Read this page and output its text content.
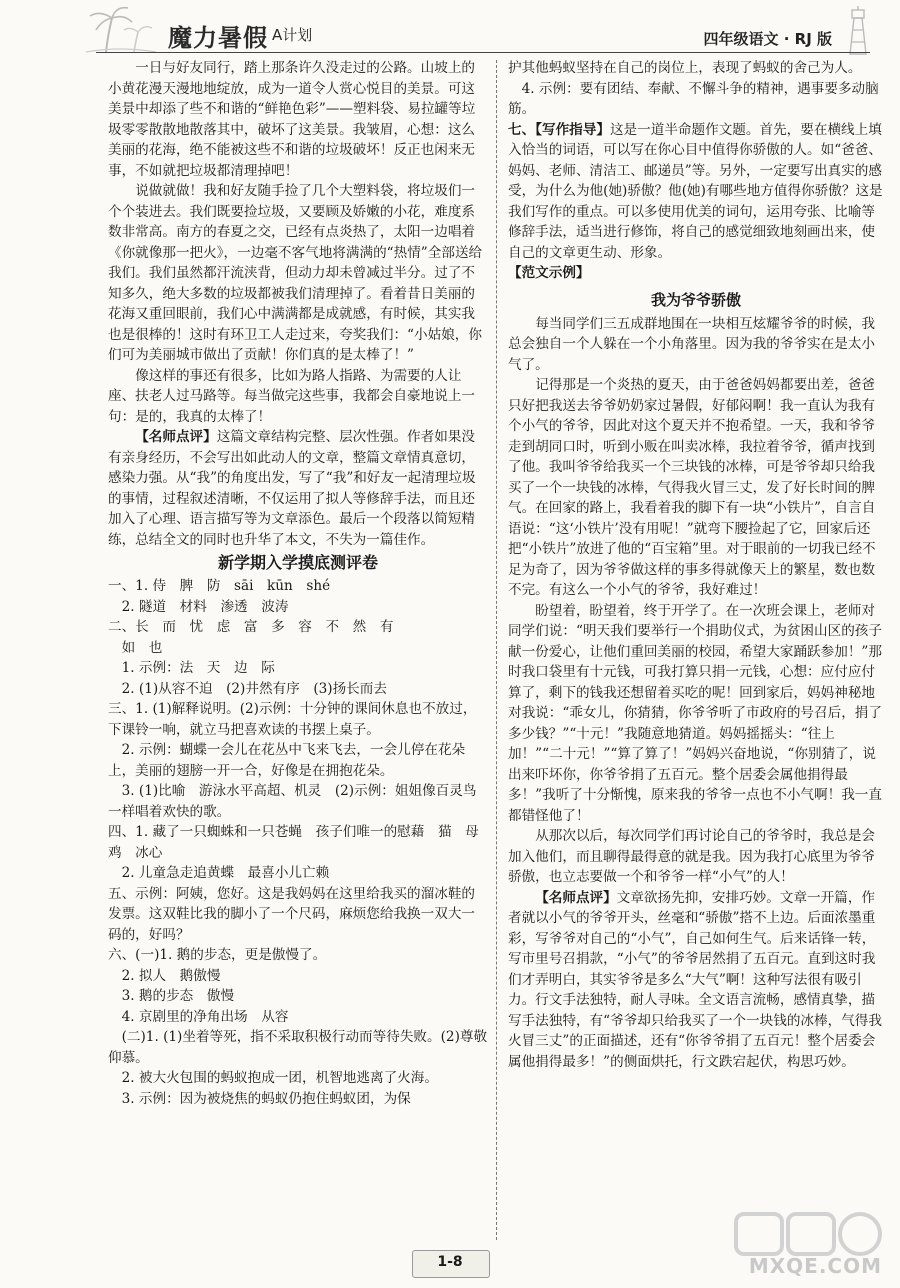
魔力暑假 A计划	四年级语文 · RJ 版

一日与好友同行，踏上那条许久没走过的公路。山坡上的小黄花漫天漫地地绽放，成为一道令人赏心悦目的美景。可这美景中却添了些不和谐的“鲜艳色彩”——塑料袋、易拉罐等垃圾零零散散地散落其中，破坏了这美景。我皱眉，心想：这么美丽的花海，绝不能被这些不和谐的垃圾破坏！反正也闲来无事，不如就把垃圾都清理掉吧！

说做就做！我和好友随手捡了几个大塑料袋，将垃圾们一个个装进去。我们既要捡垃圾，又要顾及娇嫩的小花，难度系数非常高。南方的春夏之交，已经有点炎热了，太阳一边唱着《你就像那一把火》，一边毫不客气地将满满的“热情”全部送给我们。我们虽然都汗流浃背，但动力却未曾减过半分。过了不知多久，绝大多数的垃圾都被我们清理掉了。看着昔日美丽的花海又重回眼前，我们心中满满都是成就感，有时候，其实我也是很棒的！这时有环卫工人走过来，夸奖我们：“小姑娘，你们可为美丽城市做出了贡献！你们真的是太棒了！”

像这样的事还有很多，比如为路人指路、为需要的人让座、扶老人过马路等。每当做完这些事，我都会自豪地说上一句：是的，我真的太棒了！

【名师点评】这篇文章结构完整、层次性强。作者如果没有亲身经历，不会写出如此动人的文章，整篇文章情真意切，感染力强。从“我”的角度出发，写了“我”和好友一起清理垃圾的事情，过程叙述清晰，不仅运用了拟人等修辞手法，而且还加入了心理、语言描写等为文章添色。最后一个段落以简短精练，总结全文的同时也升华了本文，不失为一篇佳作。

新学期入学摸底测评卷

一、1. 侍　脾　防　sāi　kūn　shé

　2. 隧道　材料　渗透　波涛

二、长　而　忧　虑　富　多　容　不　然　有

　如　也

　1. 示例：法　天　边　际

　2. (1)从容不迫　(2)井然有序　(3)扬长而去

三、1. (1)解释说明。(2)示例：十分钟的课间休息也不放过，下课铃一响，就立马把喜欢读的书摆上桌子。

　2. 示例：蝴蝶一会儿在花丛中飞来飞去，一会儿停在花朵上，美丽的翅膀一开一合，好像是在拥抱花朵。

　3. (1)比喻　游泳水平高超、机灵　(2)示例：姐姐像百灵鸟一样唱着欢快的歌。

四、1. 藏了一只蜘蛛和一只苍蝇　孩子们唯一的慰藉　猫　母鸡　冰心

　2. 儿童急走追黄蝶　最喜小儿亡赖

五、示例：阿姨，您好。这是我妈妈在这里给我买的溜冰鞋的发票。这双鞋比我的脚小了一个尺码，麻烦您给我换一双大一码的，好吗？

六、(一)1. 鹅的步态，更是傲慢了。

　2. 拟人　鹅傲慢

　3. 鹅的步态　傲慢

　4. 京剧里的净角出场　从容

　(二)1. (1)坐着等死，指不采取积极行动而等待失败。(2)尊敬仰慕。

　2. 被大火包围的蚂蚁抱成一团，机智地逃离了火海。

　3. 示例：因为被烧焦的蚂蚁仍抱住蚂蚁团，为保

护其他蚂蚁坚持在自己的岗位上，表现了蚂蚁的舍己为人。

　4. 示例：要有团结、奉献、不懈斗争的精神，遇事要多动脑筋。

七、【写作指导】这是一道半命题作文题。首先，要在横线上填入恰当的词语，可以写在你心目中值得你骄傲的人。如“爸爸、妈妈、老师、清洁工、邮递员”等。另外，一定要写出真实的感受，为什么为他(她)骄傲？他(她)有哪些地方值得你骄傲？这是我们写作的重点。可以多使用优美的词句，运用夸张、比喻等修辞手法，适当进行修饰，将自己的感觉细致地刻画出来，使自己的文章更生动、形象。

【范文示例】

我为爷爷骄傲

每当同学们三五成群地围在一块相互炫耀爷爷的时候，我总会独自一个人躲在一个小角落里。因为我的爷爷实在是太小气了。

记得那是一个炎热的夏天，由于爸爸妈妈都要出差，爸爸只好把我送去爷爷奶奶家过暑假，好郁闷啊！我一直认为我有个小气的爷爷，因此对这个夏天并不抱希望。一天，我和爷爷走到胡同口时，听到小贩在叫卖冰棒，我拉着爷爷，循声找到了他。我叫爷爷给我买一个三块钱的冰棒，可是爷爷却只给我买了一个一块钱的冰棒，气得我火冒三丈，发了好长时间的脾气。在回家的路上，我看着我的脚下有一块“小铁片”，自言自语说：“这‘小铁片’没有用呢！”就弯下腰捡起了它，回家后还把“小铁片”放进了他的“百宝箱”里。对于眼前的一切我已经不足为奇了，因为爷爷做这样的事多得就像天上的繁星，数也数不完。有这么一个小气的爷爷，我好难过！

盼望着，盼望着，终于开学了。在一次班会课上，老师对同学们说：“明天我们要举行一个捐助仪式，为贫困山区的孩子献一份爱心，让他们重回美丽的校园，希望大家踊跃参加！”那时我口袋里有十元钱，可我打算只捐一元钱，心想：应付应付算了，剩下的钱我还想留着买吃的呢！回到家后，妈妈神秘地对我说：“乖女儿，你猜猜，你爷爷听了市政府的号召后，捐了多少钱？”“十元！”我随意地猜道。妈妈摇摇头：“往上加！”“二十元！”“算了算了！”妈妈兴奋地说，“你别猜了，说出来吓坏你，你爷爷捐了五百元。整个居委会属他捐得最多！”我听了十分惭愧，原来我的爷爷一点也不小气啊！我一直都错怪他了！

从那次以后，每次同学们再讨论自己的爷爷时，我总是会加入他们，而且聊得最得意的就是我。因为我打心底里为爷爷骄傲，也立志要做一个和爷爷一样“小气”的人！

【名师点评】文章欲扬先抑，安排巧妙。文章一开篇，作者就以小气的爷爷开头，丝毫和“骄傲”搭不上边。后面浓墨重彩，写爷爷对自己的“小气”，自己如何生气。后来话锋一转，写市里号召捐款，“小气”的爷爷居然捐了五百元。直到这时我们才弄明白，其实爷爷是多么“大气”啊！这种写法很有吸引力。行文手法独特，耐人寻味。全文语言流畅，感情真挚，描写手法独特，有“爷爷却只给我买了一个一块钱的冰棒，气得我火冒三丈”的正面描述，还有“你爷爷捐了五百元！整个居委会属他捐得最多！”的侧面烘托，行文跌宕起伏，构思巧妙。

1-8	MXQE.COM
